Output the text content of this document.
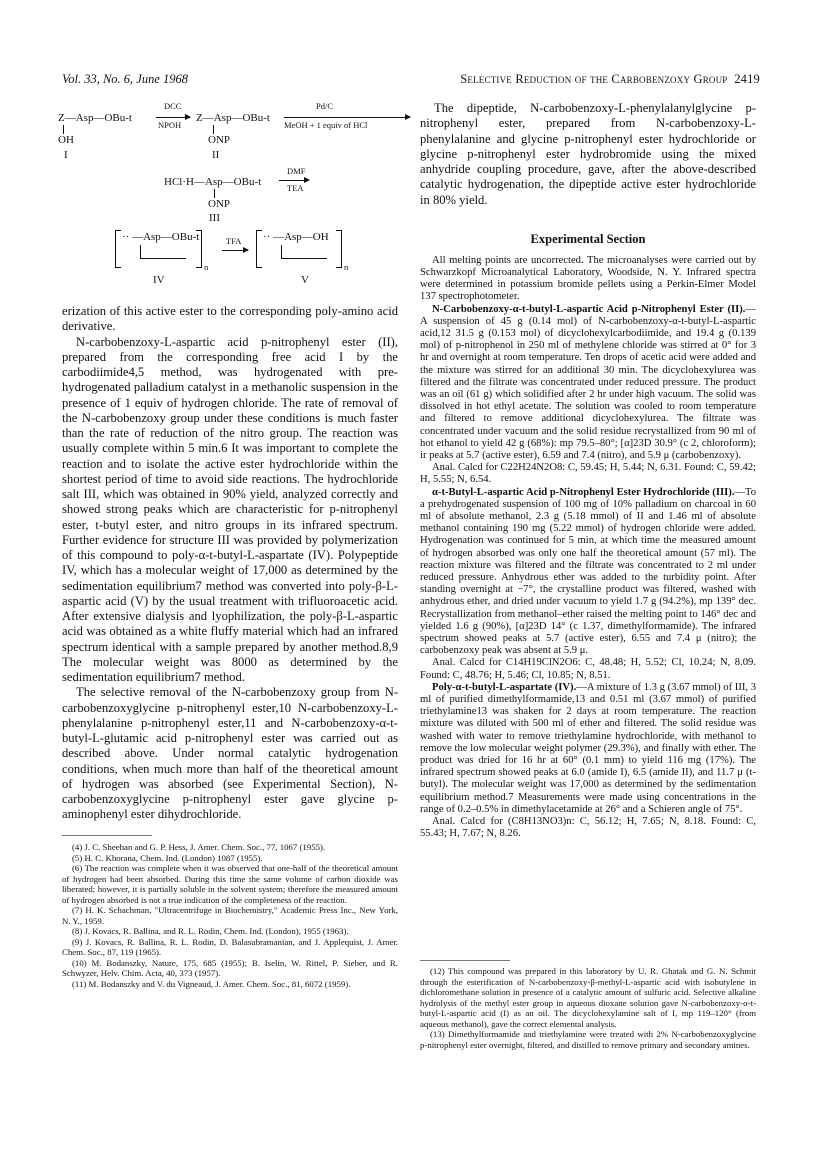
Vol. 33, No. 6, June 1968	Selective Reduction of the Carbobenzoxy Group 2419
Z—Asp—OBu-t
OH
I
DCC
NPOH
Z—Asp—OBu-t
ONP
II
Pd/C
MeOH + 1 equiv of HCl
HCl·H—Asp—OBu-t
ONP
III
DMF
TEA
·· —Asp—OBu-t
n
IV
TFA ·· —Asp—OH
n
V

erization of this active ester to the corresponding poly-amino acid derivative.

N-carbobenzoxy-L-aspartic acid p-nitrophenyl ester (II), prepared from the corresponding free acid I by the carbodiimide4,5 method, was hydrogenated with pre-hydrogenated palladium catalyst in a methanolic suspension in the presence of 1 equiv of hydrogen chloride. The rate of removal of the N-carbobenzoxy group under these conditions is much faster than the rate of reduction of the nitro group. The reaction was usually complete within 5 min.6 It was important to complete the reaction and to isolate the active ester hydrochloride within the shortest period of time to avoid side reactions. The hydrochloride salt III, which was obtained in 90% yield, analyzed correctly and showed strong peaks which are characteristic for p-nitrophenyl ester, t-butyl ester, and nitro groups in its infrared spectrum. Further evidence for structure III was provided by polymerization of this compound to poly-α-t-butyl-L-aspartate (IV). Polypeptide IV, which has a molecular weight of 17,000 as determined by the sedimentation equilibrium7 method was converted into poly-β-L-aspartic acid (V) by the usual treatment with trifluoroacetic acid. After extensive dialysis and lyophilization, the poly-β-L-aspartic acid was obtained as a white fluffy material which had an infrared spectrum identical with a sample prepared by another method.8,9 The molecular weight was 8000 as determined by the sedimentation equilibrium7 method.

The selective removal of the N-carbobenzoxy group from N-carbobenzoxyglycine p-nitrophenyl ester,10 N-carbobenzoxy-L-phenylalanine p-nitrophenyl ester,11 and N-carbobenzoxy-α-t-butyl-L-glutamic acid p-nitrophenyl ester was carried out as described above. Under normal catalytic hydrogenation conditions, when much more than half of the theoretical amount of hydrogen was absorbed (see Experimental Section), N-carbobenzoxyglycine p-nitrophenyl ester gave glycine p-aminophenyl ester dihydrochloride.

(4) J. C. Sheehan and G. P. Hess, J. Amer. Chem. Soc., 77, 1067 (1955).

(5) H. C. Khorana, Chem. Ind. (London) 1087 (1955).

(6) The reaction was complete when it was observed that one-half of the theoretical amount of hydrogen had been absorbed. During this time the same volume of carbon dioxide was liberated; however, it is partially soluble in the solvent system; therefore the measured amount of hydrogen absorbed is not a true indication of the completeness of the reaction.

(7) H. K. Schachman, "Ultracentrifuge in Biochemistry," Academic Press Inc., New York, N. Y., 1959.

(8) J. Kovacs, R. Ballina, and R. L. Rodin, Chem. Ind. (London), 1955 (1963).

(9) J. Kovacs, R. Ballina, R. L. Rodin, D. Balasubramanian, and J. Applequist, J. Amer. Chem. Soc., 87, 119 (1965).

(10) M. Bodanszky, Nature, 175, 685 (1955); B. Iselin, W. Rittel, P. Sieber, and R. Schwyzer, Helv. Chim. Acta, 40, 373 (1957).

(11) M. Bodanszky and V. du Vigneaud, J. Amer. Chem. Soc., 81, 6072 (1959).

The dipeptide, N-carbobenzoxy-L-phenylalanylglycine p-nitrophenyl ester, prepared from N-carbobenzoxy-L-phenylalanine and glycine p-nitrophenyl ester hydrochloride or glycine p-nitrophenyl ester hydrobromide using the mixed anhydride coupling procedure, gave, after the above-described catalytic hydrogenation, the dipeptide active ester hydrochloride in 80% yield.

Experimental Section

All melting points are uncorrected. The microanalyses were carried out by Schwarzkopf Microanalytical Laboratory, Woodside, N. Y. Infrared spectra were determined in potassium bromide pellets using a Perkin-Elmer Model 137 spectrophotometer.

N-Carbobenzoxy-α-t-butyl-L-aspartic Acid p-Nitrophenyl Ester (II).—A suspension of 45 g (0.14 mol) of N-carbobenzoxy-α-t-butyl-L-aspartic acid,12 31.5 g (0.153 mol) of dicyclohexylcarbodiimide, and 19.4 g (0.139 mol) of p-nitrophenol in 250 ml of methylene chloride was stirred at 0° for 3 hr and overnight at room temperature. Ten drops of acetic acid were added and the mixture was stirred for an additional 30 min. The dicyclohexylurea was filtered and the filtrate was concentrated under reduced pressure. The product was an oil (61 g) which solidified after 2 hr under high vacuum. The solid was dissolved in hot ethyl acetate. The solution was cooled to room temperature and filtered to remove additional dicyclohexylurea. The filtrate was concentrated under vacuum and the solid residue recrystallized from 90 ml of hot ethanol to yield 42 g (68%): mp 79.5–80°; [α]23D 30.9° (c 2, chloroform); ir peaks at 5.7 (active ester), 6.59 and 7.4 (nitro), and 5.9 μ (carbobenzoxy).

Anal. Calcd for C22H24N2O8: C, 59.45; H, 5.44; N, 6.31. Found: C, 59.42; H, 5.55; N, 6.54.

α-t-Butyl-L-aspartic Acid p-Nitrophenyl Ester Hydrochloride (III).—To a prehydrogenated suspension of 100 mg of 10% palladium on charcoal in 60 ml of absolute methanol, 2.3 g (5.18 mmol) of II and 1.46 ml of absolute methanol containing 190 mg (5.22 mmol) of hydrogen chloride were added. Hydrogenation was continued for 5 min, at which time the measured amount of hydrogen absorbed was only one half the theoretical amount (57 ml). The reaction mixture was filtered and the filtrate was concentrated to 2 ml under reduced pressure. Anhydrous ether was added to the turbidity point. After standing overnight at −7°, the crystalline product was filtered, washed with anhydrous ether, and dried under vacuum to yield 1.7 g (94.2%), mp 139° dec. Recrystallization from methanol–ether raised the melting point to 146° dec and yielded 1.6 g (90%), [α]23D 14° (c 1.37, dimethylformamide). The infrared spectrum showed peaks at 5.7 (active ester), 6.55 and 7.4 μ (nitro); the carbobenzoxy peak was absent at 5.9 μ.

Anal. Calcd for C14H19ClN2O6: C, 48.48; H, 5.52; Cl, 10.24; N, 8.09. Found: C, 48.76; H, 5.46; Cl, 10.85; N, 8.51.

Poly-α-t-butyl-L-aspartate (IV).—A mixture of 1.3 g (3.67 mmol) of III, 3 ml of purified dimethylformamide,13 and 0.51 ml (3.67 mmol) of purified triethylamine13 was shaken for 2 days at room temperature. The reaction mixture was diluted with 500 ml of ether and filtered. The solid residue was washed with water to remove triethylamine hydrochloride, with methanol to remove the low molecular weight polymer (29.3%), and finally with ether. The product was dried for 16 hr at 60° (0.1 mm) to yield 116 mg (17%). The infrared spectrum showed peaks at 6.0 (amide I), 6.5 (amide II), and 11.7 μ (t-butyl). The molecular weight was 17,000 as determined by the sedimentation equilibrium method.7 Measurements were made using concentrations in the range of 0.2–0.5% in dimethylacetamide at 26° and a Schieren angle of 75°.

Anal. Calcd for (C8H13NO3)n: C, 56.12; H, 7.65; N, 8.18. Found: C, 55.43; H, 7.67; N, 8.26.

(12) This compound was prepared in this laboratory by U. R. Ghatak and G. N. Schmit through the esterification of N-carbobenzoxy-β-methyl-L-aspartic acid with isobutylene in dichloromethane solution in presence of a catalytic amount of sulfuric acid. Selective alkaline hydrolysis of the methyl ester group in aqueous dioxane solution gave N-carbobenzoxy-α-t-butyl-L-aspartic acid (I) as an oil. The dicyclohexylamine salt of I, mp 119–120° (from aqueous methanol), gave the correct elemental analysis.

(13) Dimethylformamide and triethylamine were treated with 2% N-carbobenzoxyglycine p-nitrophenyl ester overnight, filtered, and distilled to remove primary and secondary amines.
